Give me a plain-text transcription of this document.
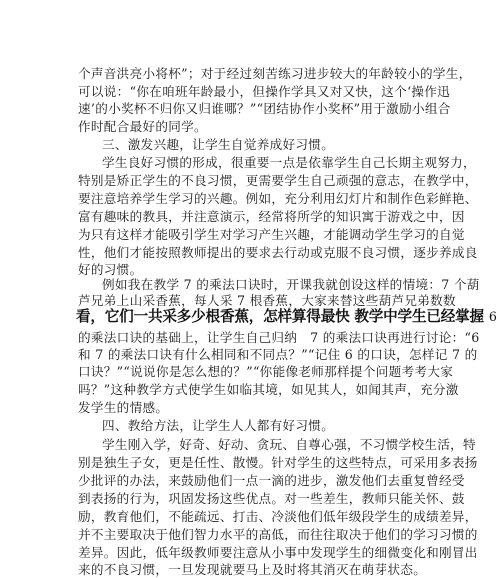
个声音洪亮小将杯”；对于经过刻苦练习进步较大的年龄较小的学生，
可以说：“你在咱班年龄最小，但操作学具又对又快，这个‘操作迅
速’的小奖杯不归你又归谁哪？”“团结协作小奖杯”用于激励小组合
作时配合最好的同学。
三、激发兴趣，让学生自觉养成好习惯。
学生良好习惯的形成，很重要一点是依靠学生自己长期主观努力，
特别是矫正学生的不良习惯，更需要学生自己顽强的意志，在教学中，
要注意培养学生学习的兴趣。例如，充分利用幻灯片和制作色彩鲜艳、
富有趣味的教具，并注意演示，经常将所学的知识寓于游戏之中，因
为只有这样才能吸引学生对学习产生兴趣，才能调动学生学习的自觉
性，他们才能按照教师提出的要求去行动或克服不良习惯，逐步养成良
好的习惯。
例如我在教学 7 的乘法口诀时，开课我就创设这样的情境：7 个葫
芦兄弟上山采香蕉，每人采 7 根香蕉，大家来替这些葫芦兄弟数数
看，它们一共采多少根香蕉，怎样算得最快 教学中学生已经掌握 6
的乘法口诀的基础上，让学生自己归纳　7 的乘法口诀再进行讨论：“6
和 7 的乘法口诀有什么相同和不同点？”“记住 6 的口诀，怎样记 7 的
口诀？”“说说你是怎么想的？”“你能像老师那样提个问题考考大家
吗？”这种教学方式使学生如临其境，如见其人，如闻其声，充分激
发学生的情感。
四、教给方法，让学生人人都有好习惯。
学生刚入学，好奇、好动、贪玩、自尊心强，不习惯学校生活，特
别是独生子女，更是任性、散慢。针对学生的这些特点，可采用多表扬
少批评的办法，来鼓励他们一点一滴的进步，激发他们去重复曾经受
到表扬的行为，巩固发扬这些优点。对一些差生，教师只能关怀、鼓
励，教育他们，不能疏远、打击、冷淡他们低年级段学生的成绩差异，
并不主要取决于他们智力水平的高低，而往往取决于他们的学习习惯的
差异。因此，低年级教师要注意从小事中发现学生的细微变化和刚冒出
来的不良习惯，一旦发现就要马上及时将其消灭在萌芽状态。
